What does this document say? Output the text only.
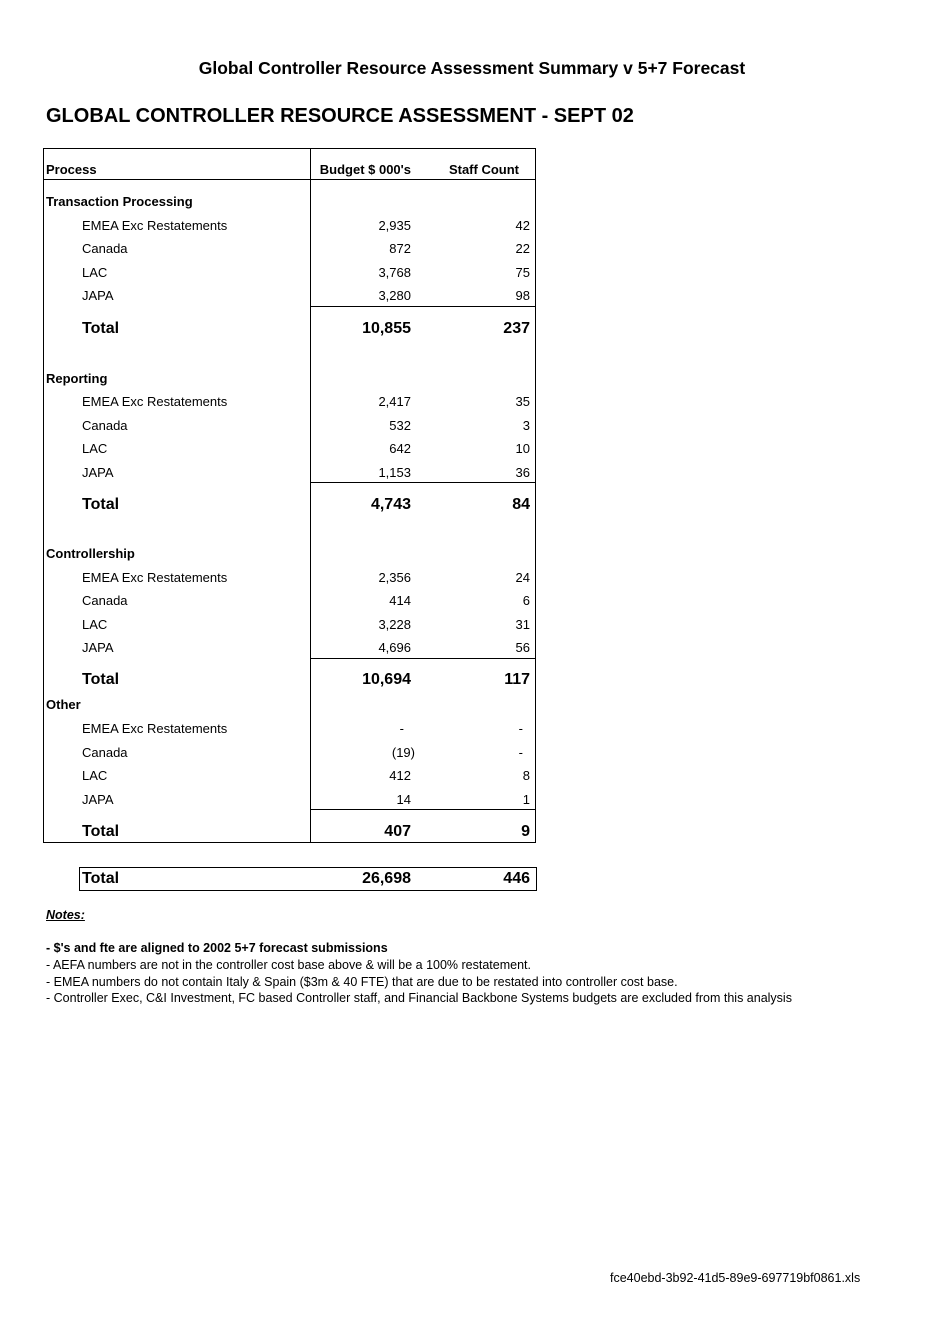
Global Controller Resource Assessment Summary v 5+7 Forecast
GLOBAL CONTROLLER RESOURCE ASSESSMENT - SEPT 02
Process	Budget $ 000's	Staff Count
Transaction Processing
EMEA Exc Restatements	2,935	42
Canada	872	22
LAC	3,768	75
JAPA	3,280	98
Total	10,855	237
Reporting
EMEA Exc Restatements	2,417	35
Canada	532	3
LAC	642	10
JAPA	1,153	36
Total	4,743	84
Controllership
EMEA Exc Restatements	2,356	24
Canada	414	6
LAC	3,228	31
JAPA	4,696	56
Total	10,694	117
Other
EMEA Exc Restatements	-	-
Canada	(19)	-
LAC	412	8
JAPA	14	1
Total	407	9
Total	26,698	446
Notes:
- $'s and fte are aligned to 2002 5+7 forecast submissions
- AEFA numbers are not in the controller cost base above & will be a 100% restatement.
- EMEA numbers do not contain Italy & Spain ($3m & 40 FTE) that are due to be restated into controller cost base.
- Controller Exec, C&I Investment, FC based Controller staff, and Financial Backbone Systems budgets are excluded from this analysis
fce40ebd-3b92-41d5-89e9-697719bf0861.xls
